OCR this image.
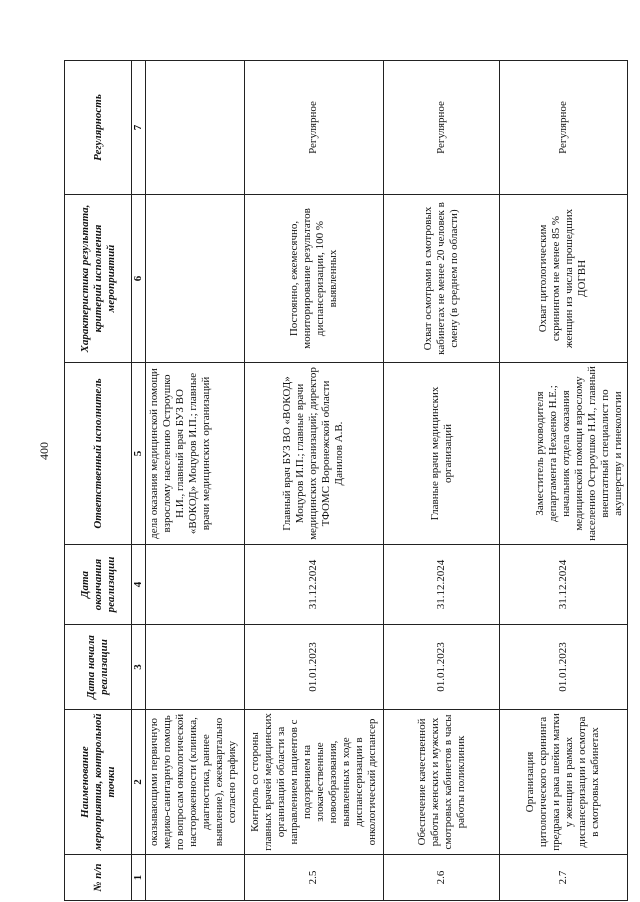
400
№ п/п	Наименование мероприятия, контрольной точки	Дата начала реализации	Дата окончания реализации	Ответственный исполнитель	Характеристика результата, критерий исполнения мероприятий	Регулярность
1	2	3	4	5	6	7
	оказывающими первичную медико-санитарную помощь по вопросам онкологической настороженности (клиника, диагностика, раннее выявление), ежеквартально согласно графику			дела оказания медицинской помощи взрослому населению Остроушко Н.И., главный врач БУЗ ВО «ВОКОД» Моцуров И.П.; главные врачи медицинских организаций		
2.5	Контроль со стороны главных врачей медицинских организаций области за направлением пациентов с подозрением на злокачественные новообразования, выявленных в ходе диспансеризации в онкологический диспансер	01.01.2023	31.12.2024	Главный врач БУЗ ВО «ВОКОД» Моцуров И.П.; главные врачи медицинских организаций; директор ТФОМС Воронежской области Данилов А.В.	Постоянно, ежемесячно, мониторирование результатов диспансеризации, 100 % выявленных	Регулярное
2.6	Обеспечение качественной работы женских и мужских смотровых кабинетов в часы работы поликлиник	01.01.2023	31.12.2024	Главные врачи медицинских организаций	Охват осмотрами в смотровых кабинетах не менее 20 человек в смену (в среднем по области)	Регулярное
2.7	Организация цитологического скрининга предрака и рака шейки матки у женщин в рамках диспансеризации и осмотра в смотровых кабинетах	01.01.2023	31.12.2024	Заместитель руководителя департамента Нехаенко Н.Е.; начальник отдела оказания медицинской помощи взрослому населению Остроушко Н.И., главный внештатный специалист по акушерству и гинекологии	Охват цитологическим скринингом не менее 85 % женщин из числа прошедших ДОГВН	Регулярное
